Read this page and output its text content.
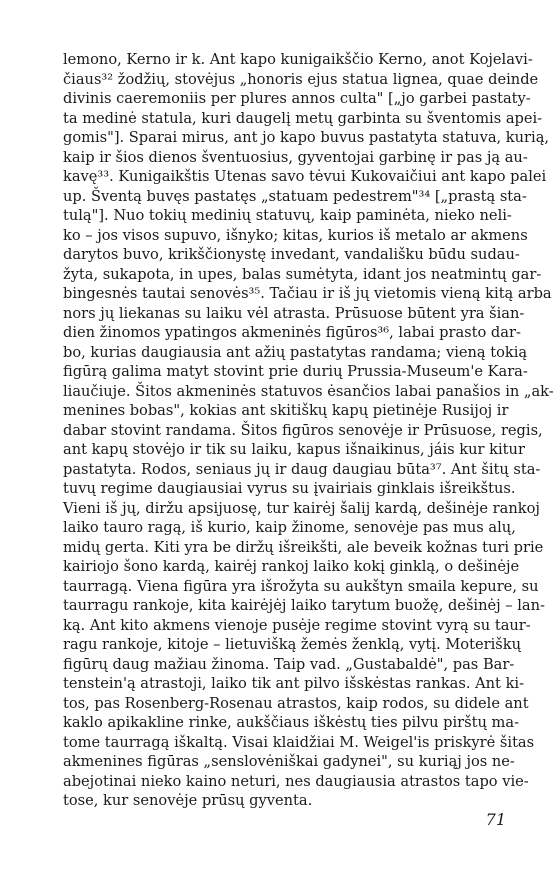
lemono, Kerno ir k. Ant kapo kunigaikščio Kerno, anot Kojelavi-
čiaus³² žodžių, stovėjus „honoris ejus statua lignea, quae deinde
divinis caeremoniis per plures annos culta" [„jo garbei pastaty-
ta medinė statula, kuri daugelį metų garbinta su šventomis apei-
gomis"]. Sparai mirus, ant jo kapo buvus pastatyta statuva, kurią,
kaip ir šios dienos šventuosius, gyventojai garbinę ir pas ją au-
kavę³³. Kunigaikštis Utenas savo tėvui Kukovaičiui ant kapo palei
up. Šventą buvęs pastatęs „statuam pedestrem"³⁴ [„prastą sta-
tulą"]. Nuo tokių medinių statuvų, kaip paminėta, nieko neli-
ko – jos visos supuvo, išnyko; kitas, kurios iš metalo ar akmens
darytos buvo, krikščionystę invedant, vandališku būdu sudau-
žyta, sukapota, in upes, balas sumėtyta, idant jos neatmintų gar-
bingesnės tautai senovės³⁵. Tačiau ir iš jų vietomis vieną kitą arba
nors jų liekanas su laiku vėl atrasta. Prūsuose būtent yra šian-
dien žinomos ypatingos akmeninės figūros³⁶, labai prasto dar-
bo, kurias daugiausia ant ažių pastatytas randama; vieną tokią
figūrą galima matyt stovint prie durių Prussia-Museum'e Kara-
liaučiuje. Šitos akmeninės statuvos ėsančios labai panašios in „ak-
menines bobas", kokias ant skitiškų kapų pietinėje Rusijoj ir
dabar stovint randama. Šitos figūros senovėje ir Prūsuose, regis,
ant kapų stovėjo ir tik su laiku, kapus išnaikinus, jáis kur kitur
pastatyta. Rodos, seniaus jų ir daug daugiau būta³⁷. Ant šitų sta-
tuvų regime daugiausiai vyrus su įvairiais ginklais išreikštus.
Vieni iš jų, diržu apsijuosę, tur kairėj šalij kardą, dešinėje rankoj
laiko tauro ragą, iš kurio, kaip žinome, senovėje pas mus alų,
midų gerta. Kiti yra be diržų išreikšti, ale beveik kožnas turi prie
kairiojo šono kardą, kairėj rankoj laiko kokį ginklą, o dešinėje
taurragą. Viena figūra yra išrožyta su aukštyn smaila kepure, su
taurragu rankoje, kita kairėjėj laiko tarytum buožę, dešinėj – lan-
ką. Ant kito akmens vienoje pusėje regime stovint vyrą su taur-
ragu rankoje, kitoje – lietuvišką žemės ženklą, vytį. Moteriškų
figūrų daug mažiau žinoma. Taip vad. „Gustabaldė", pas Bar-
tenstein'ą atrastoji, laiko tik ant pilvo išskėstas rankas. Ant ki-
tos, pas Rosenberg-Rosenau atrastos, kaip rodos, su didele ant
kaklo apikakline rinke, aukščiaus iškėstų ties pilvu pirštų ma-
tome taurragą iškaltą. Visai klaidžiai M. Weigel'is priskyrė šitas
akmenines figūras „senslovėniškai gadynei", su kuriąj jos ne-
abejotinai nieko kaino neturi, nes daugiausia atrastos tapo vie-
tose, kur senovėje prūsų gyventa.
71
